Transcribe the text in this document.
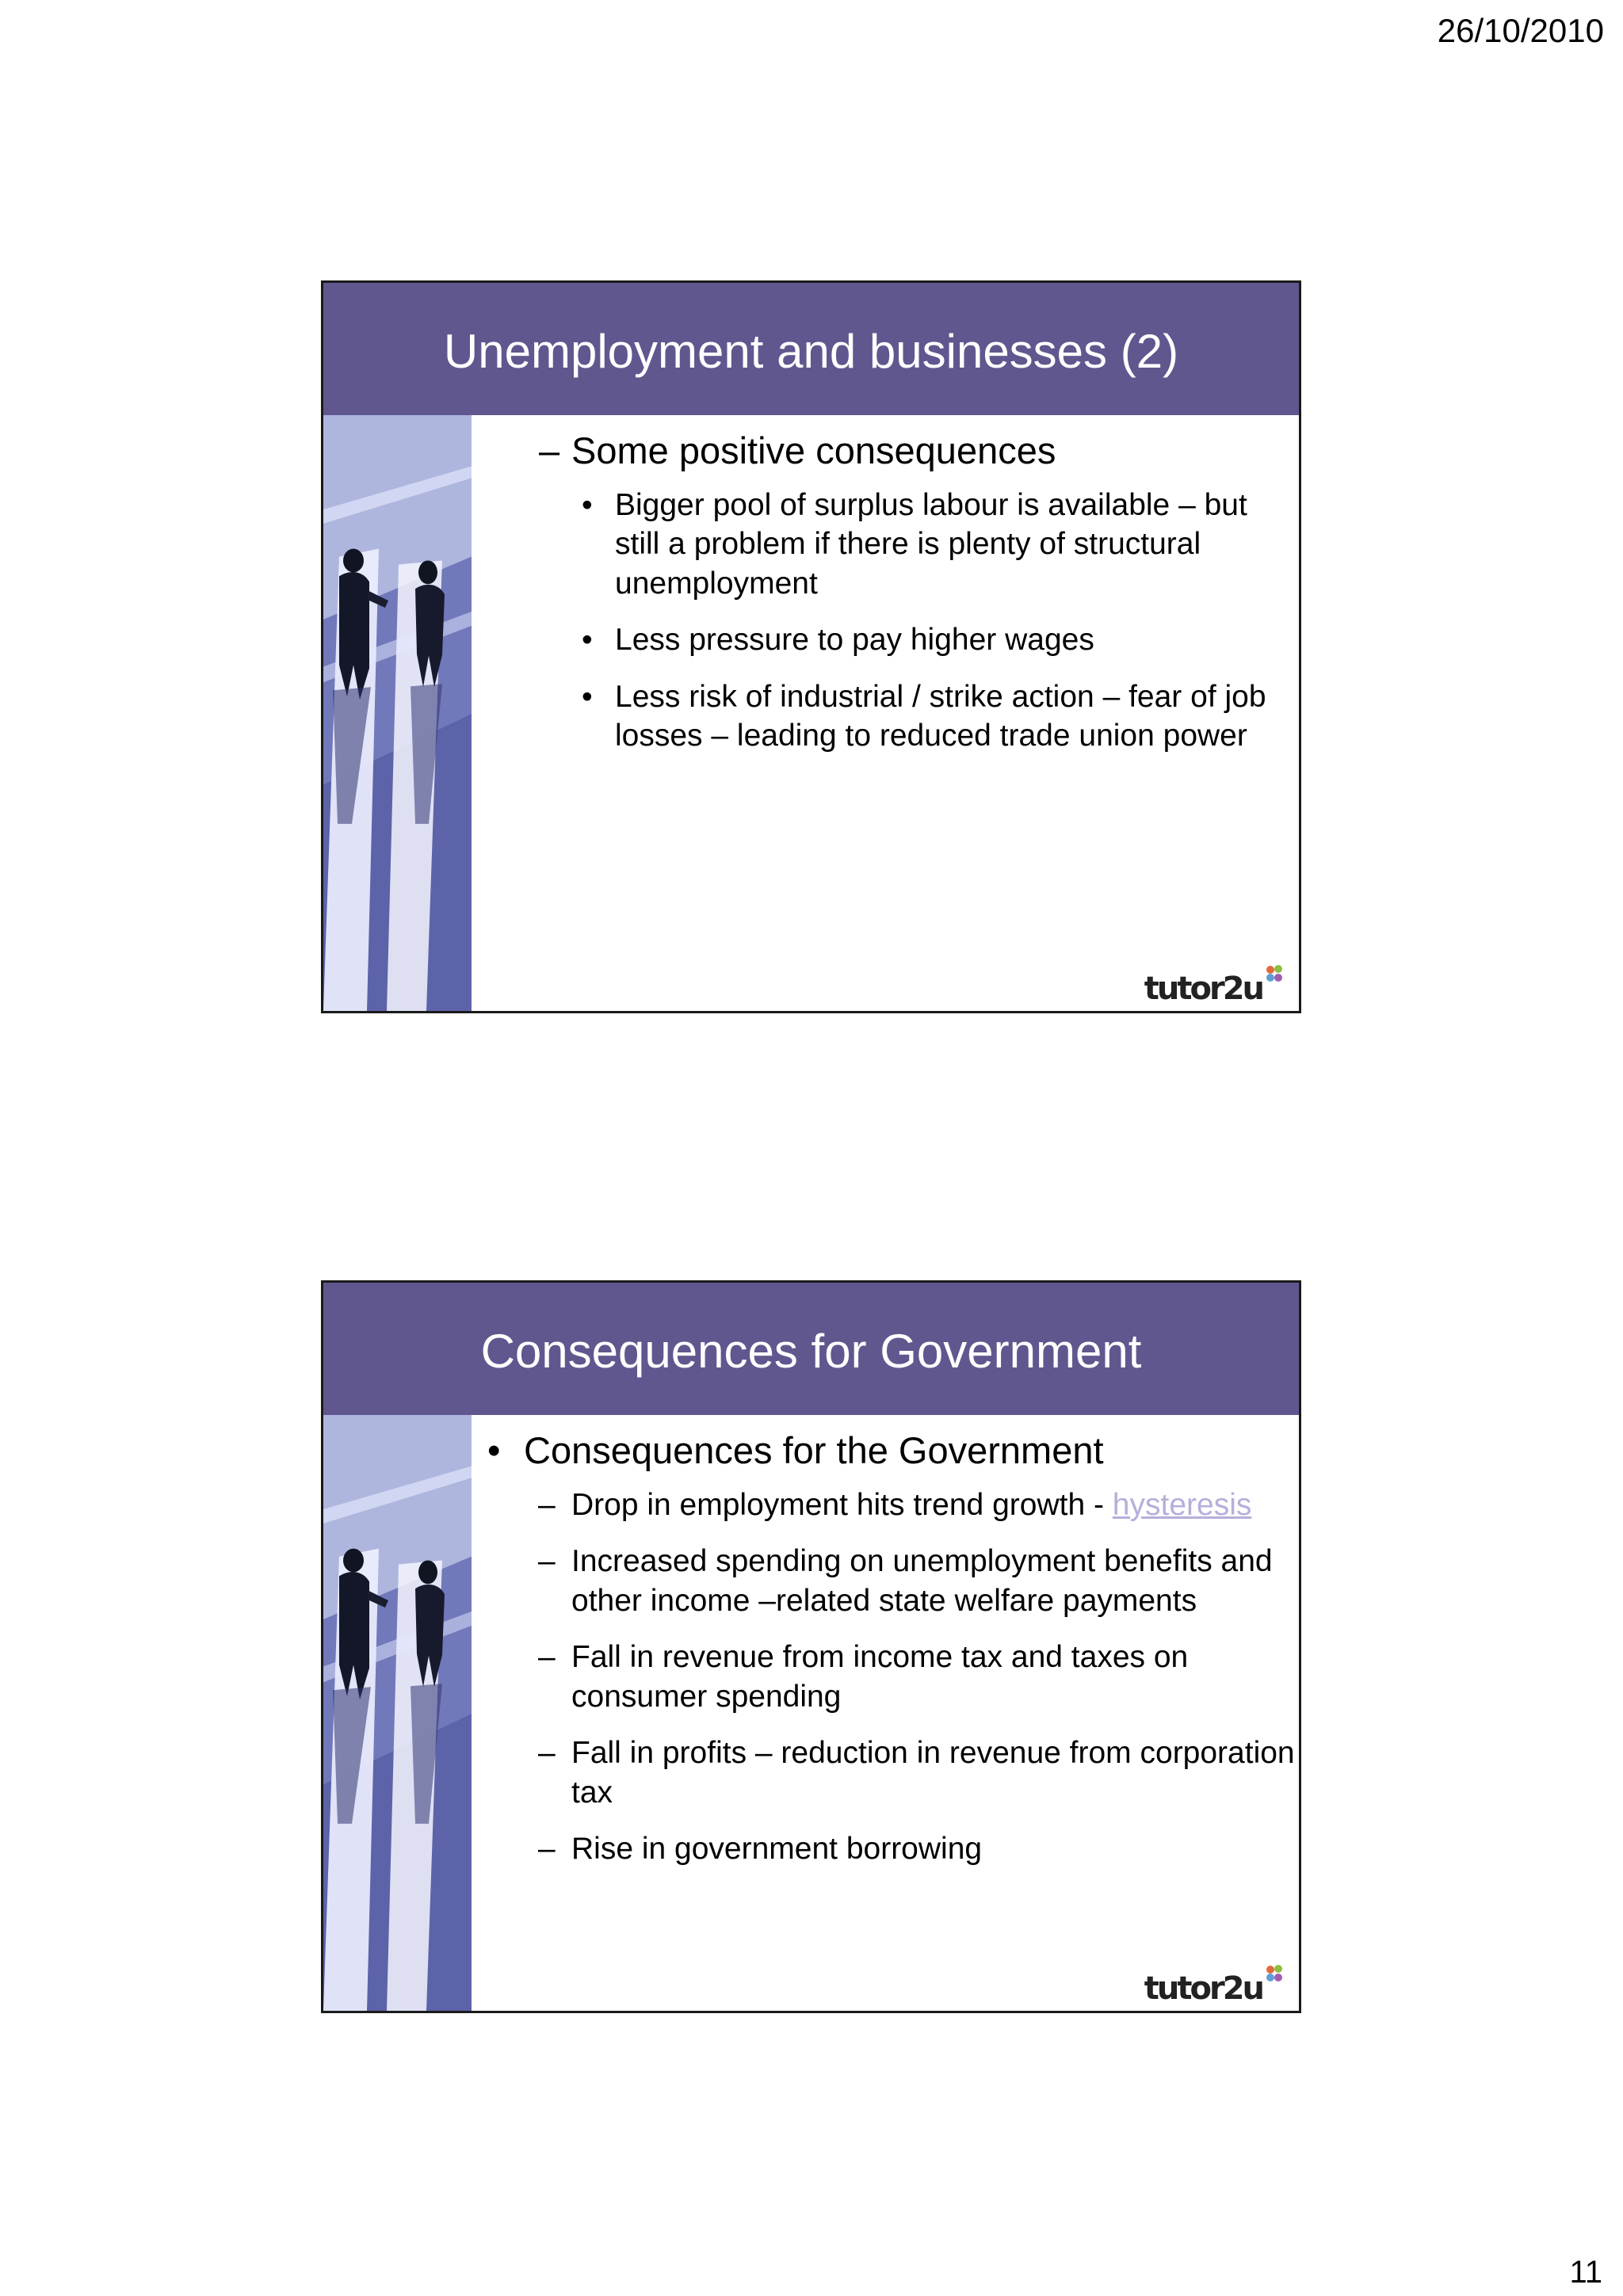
26/10/2010
Unemployment and businesses (2)
– Some positive consequences
• Bigger pool of surplus labour is available – but still a problem if there is plenty of structural unemployment
• Less pressure to pay higher wages
• Less risk of industrial / strike action – fear of job losses – leading to reduced trade union power
tutor2u
Consequences for Government
• Consequences for the Government
– Drop in employment hits trend growth - hysteresis
– Increased spending on unemployment benefits and other income –related state welfare payments
– Fall in revenue from income tax and taxes on consumer spending
– Fall in profits – reduction in revenue from corporation tax
– Rise in government borrowing
tutor2u
11
